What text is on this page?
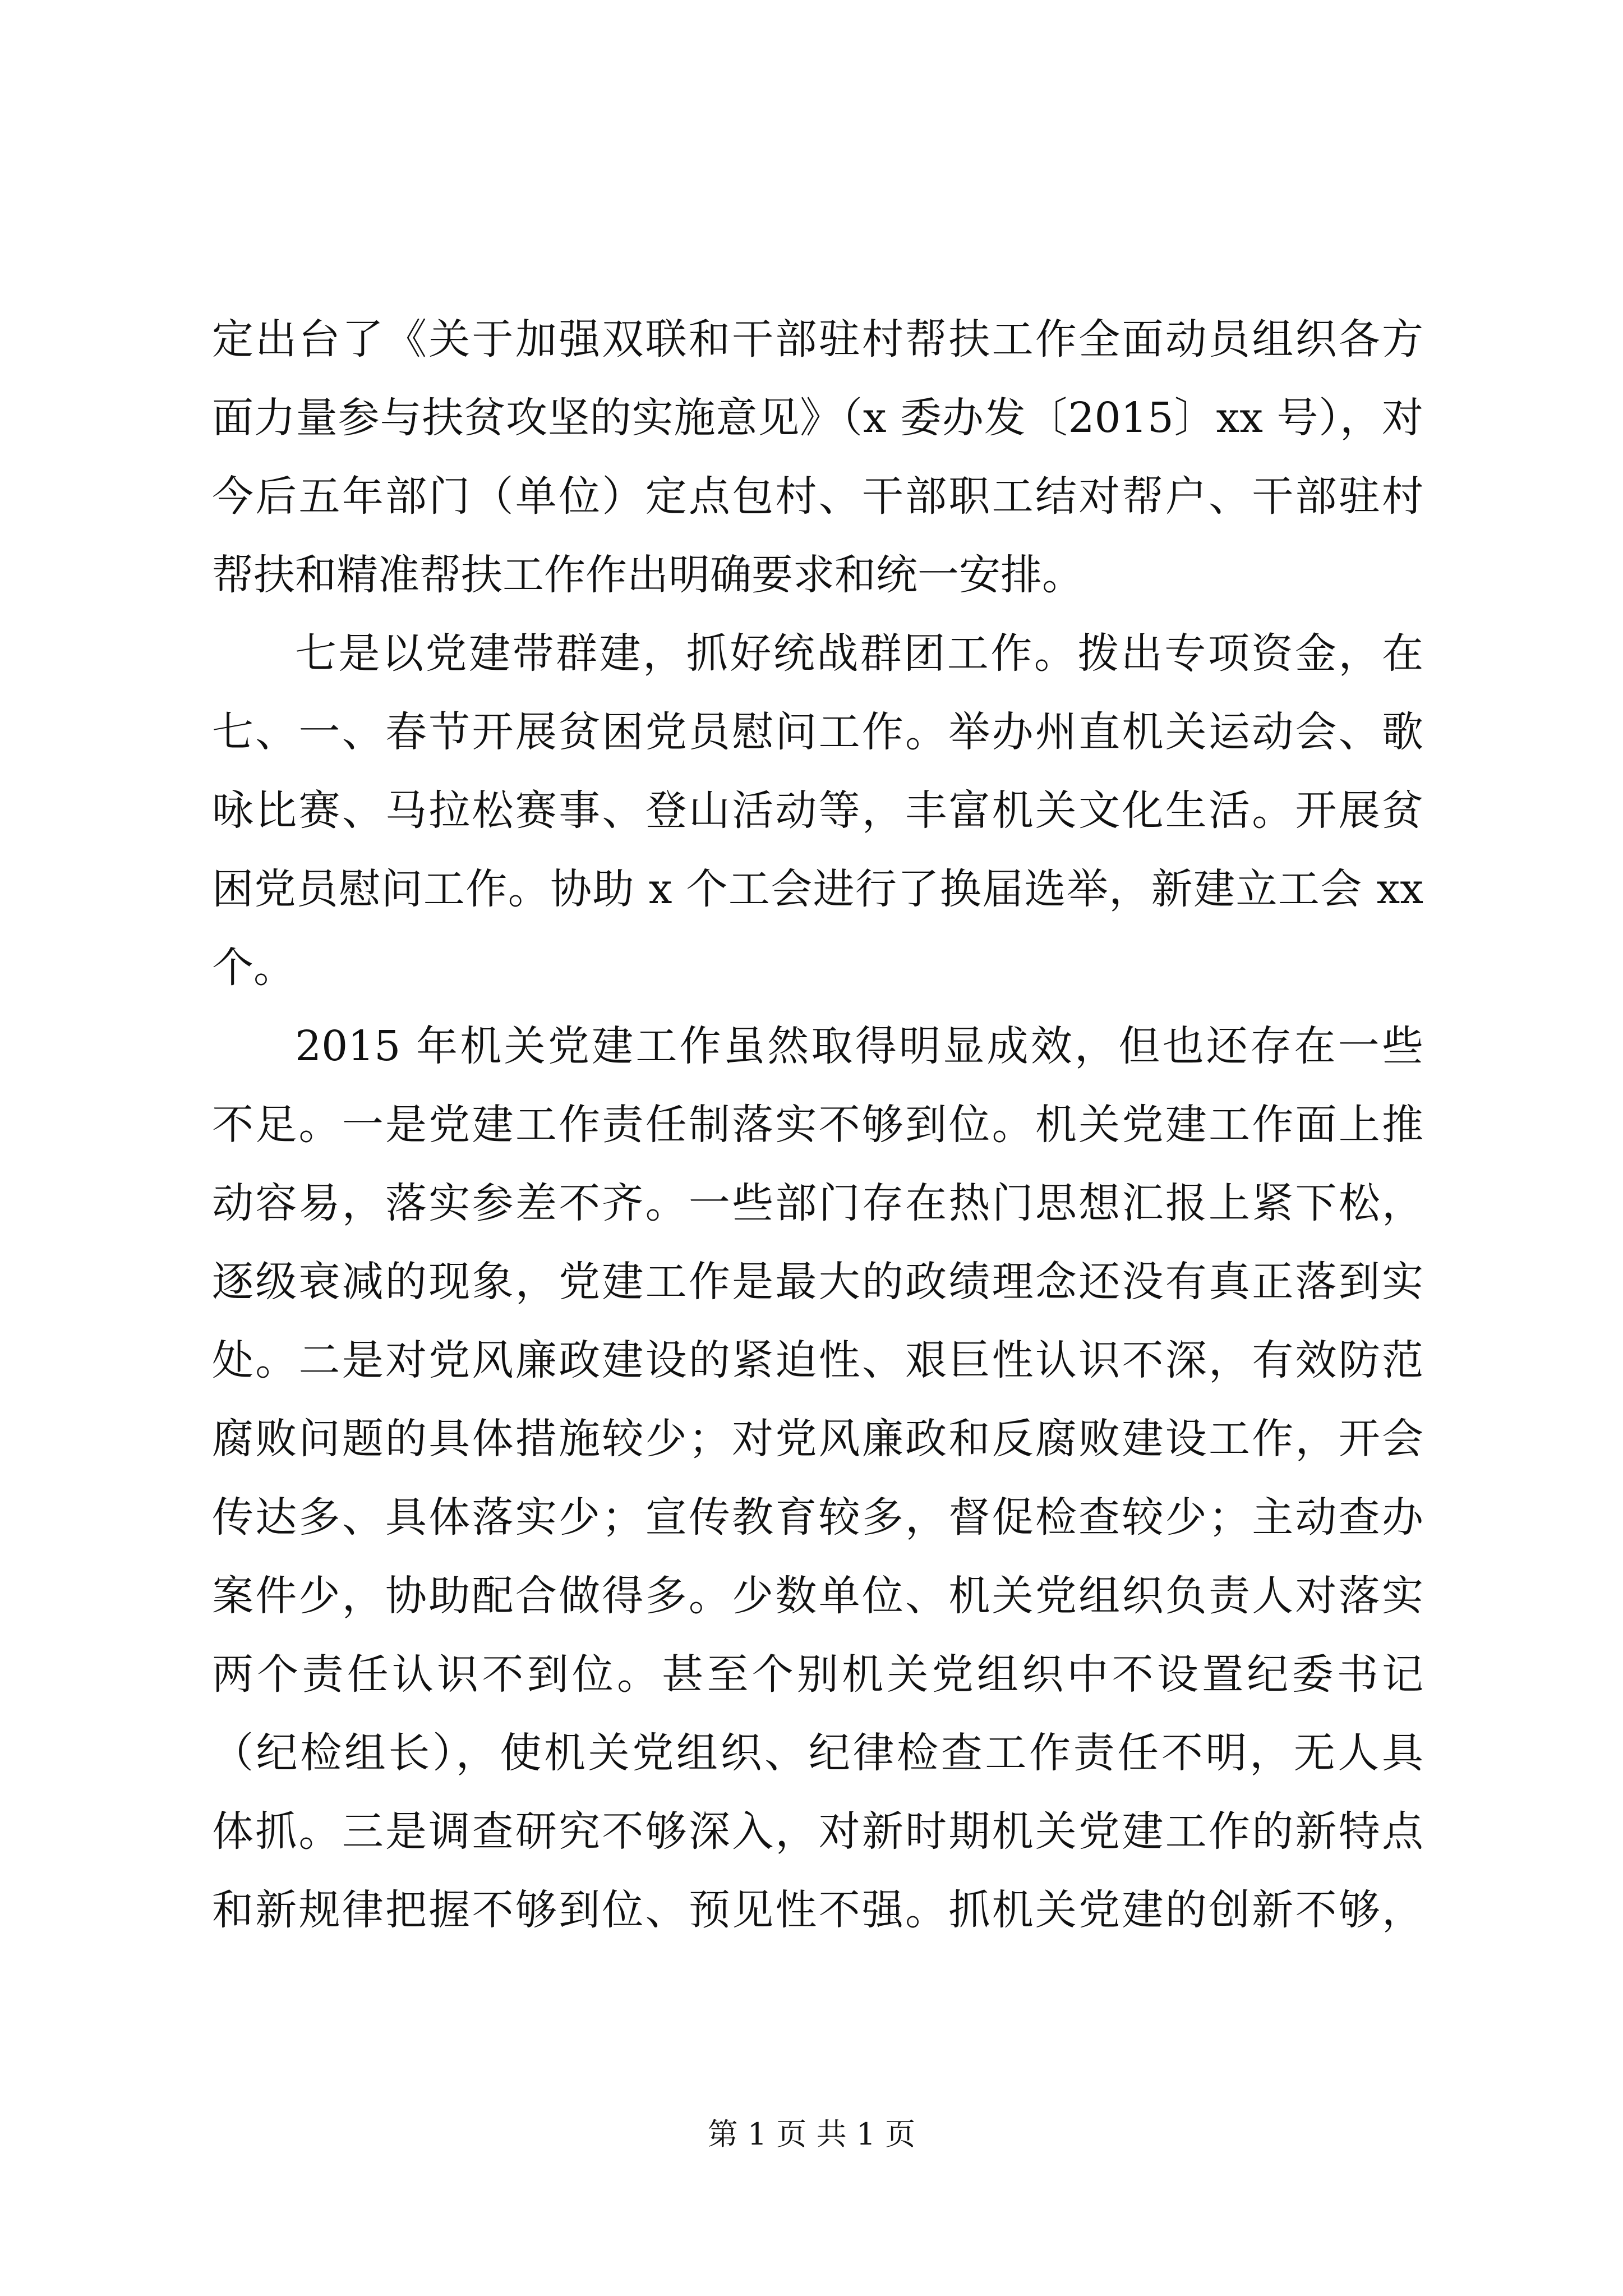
定出台了《关于加强双联和干部驻村帮扶工作全面动员组织各方
面力量参与扶贫攻坚的实施意见》（x 委办发〔2015〕xx 号），对
今后五年部门（单位）定点包村、干部职工结对帮户、干部驻村
帮扶和精准帮扶工作作出明确要求和统一安排。
七是以党建带群建，抓好统战群团工作。拨出专项资金，在
七、一、春节开展贫困党员慰问工作。举办州直机关运动会、歌
咏比赛、马拉松赛事、登山活动等，丰富机关文化生活。开展贫
困党员慰问工作。协助 x 个工会进行了换届选举，新建立工会 xx
个。
2015 年机关党建工作虽然取得明显成效，但也还存在一些
不足。一是党建工作责任制落实不够到位。机关党建工作面上推
动容易，落实参差不齐。一些部门存在热门思想汇报上紧下松，
逐级衰减的现象，党建工作是最大的政绩理念还没有真正落到实
处。二是对党风廉政建设的紧迫性、艰巨性认识不深，有效防范
腐败问题的具体措施较少；对党风廉政和反腐败建设工作，开会
传达多、具体落实少；宣传教育较多，督促检查较少；主动查办
案件少，协助配合做得多。少数单位、机关党组织负责人对落实
两个责任认识不到位。甚至个别机关党组织中不设置纪委书记
（纪检组长），使机关党组织、纪律检查工作责任不明，无人具
体抓。三是调查研究不够深入，对新时期机关党建工作的新特点
和新规律把握不够到位、预见性不强。抓机关党建的创新不够，
第 1 页 共 1 页
